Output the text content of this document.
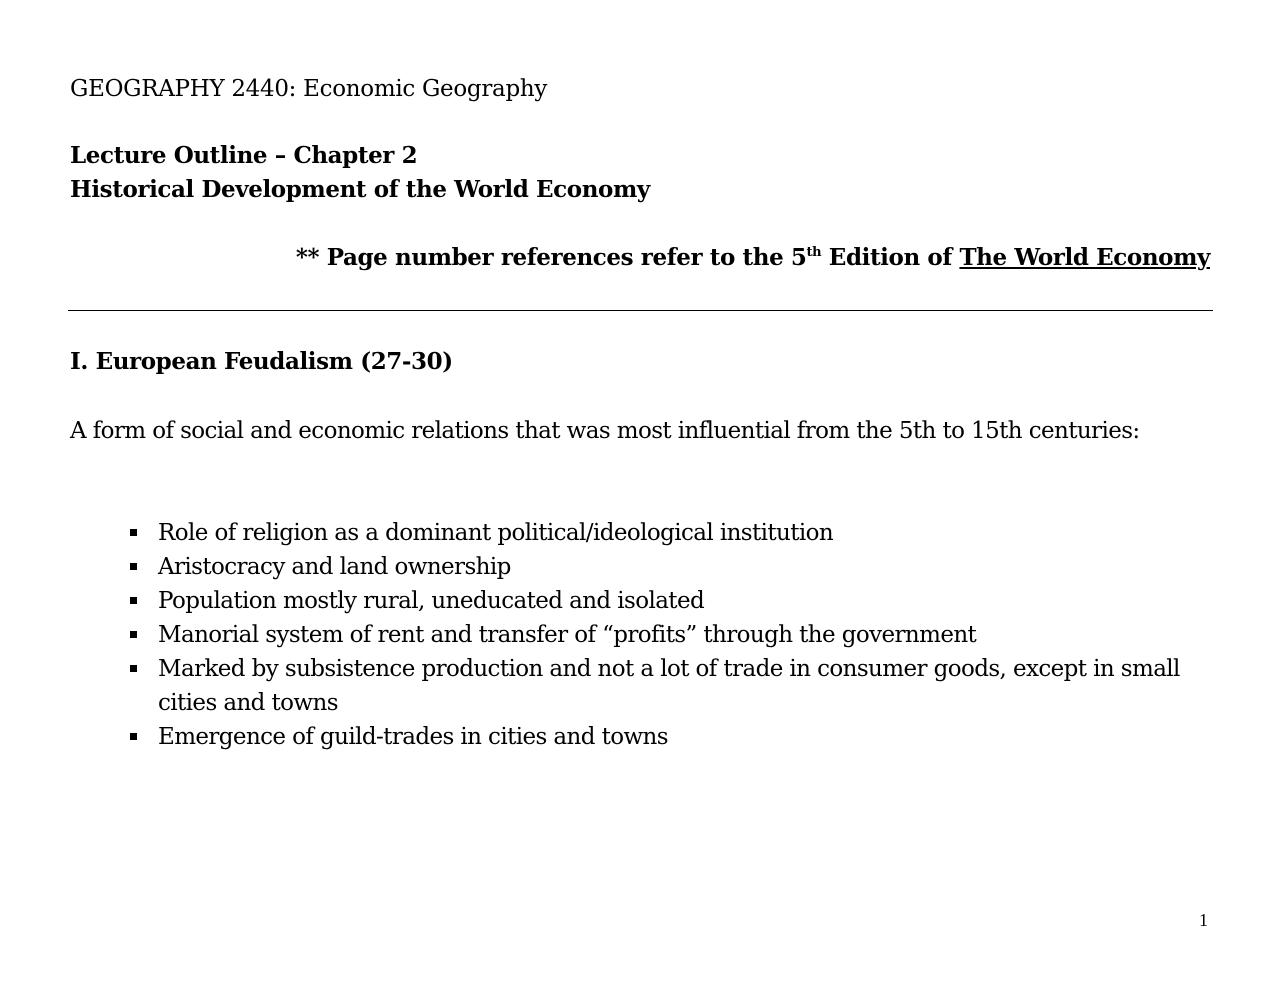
GEOGRAPHY 2440: Economic Geography
Lecture Outline – Chapter 2
Historical Development of the World Economy
** Page number references refer to the 5th Edition of The World Economy
I. European Feudalism (27-30)
A form of social and economic relations that was most influential from the 5th to 15th centuries:
Role of religion as a dominant political/ideological institution
Aristocracy and land ownership
Population mostly rural, uneducated and isolated
Manorial system of rent and transfer of “profits” through the government
Marked by subsistence production and not a lot of trade in consumer goods, except in small cities and towns
Emergence of guild-trades in cities and towns
1
